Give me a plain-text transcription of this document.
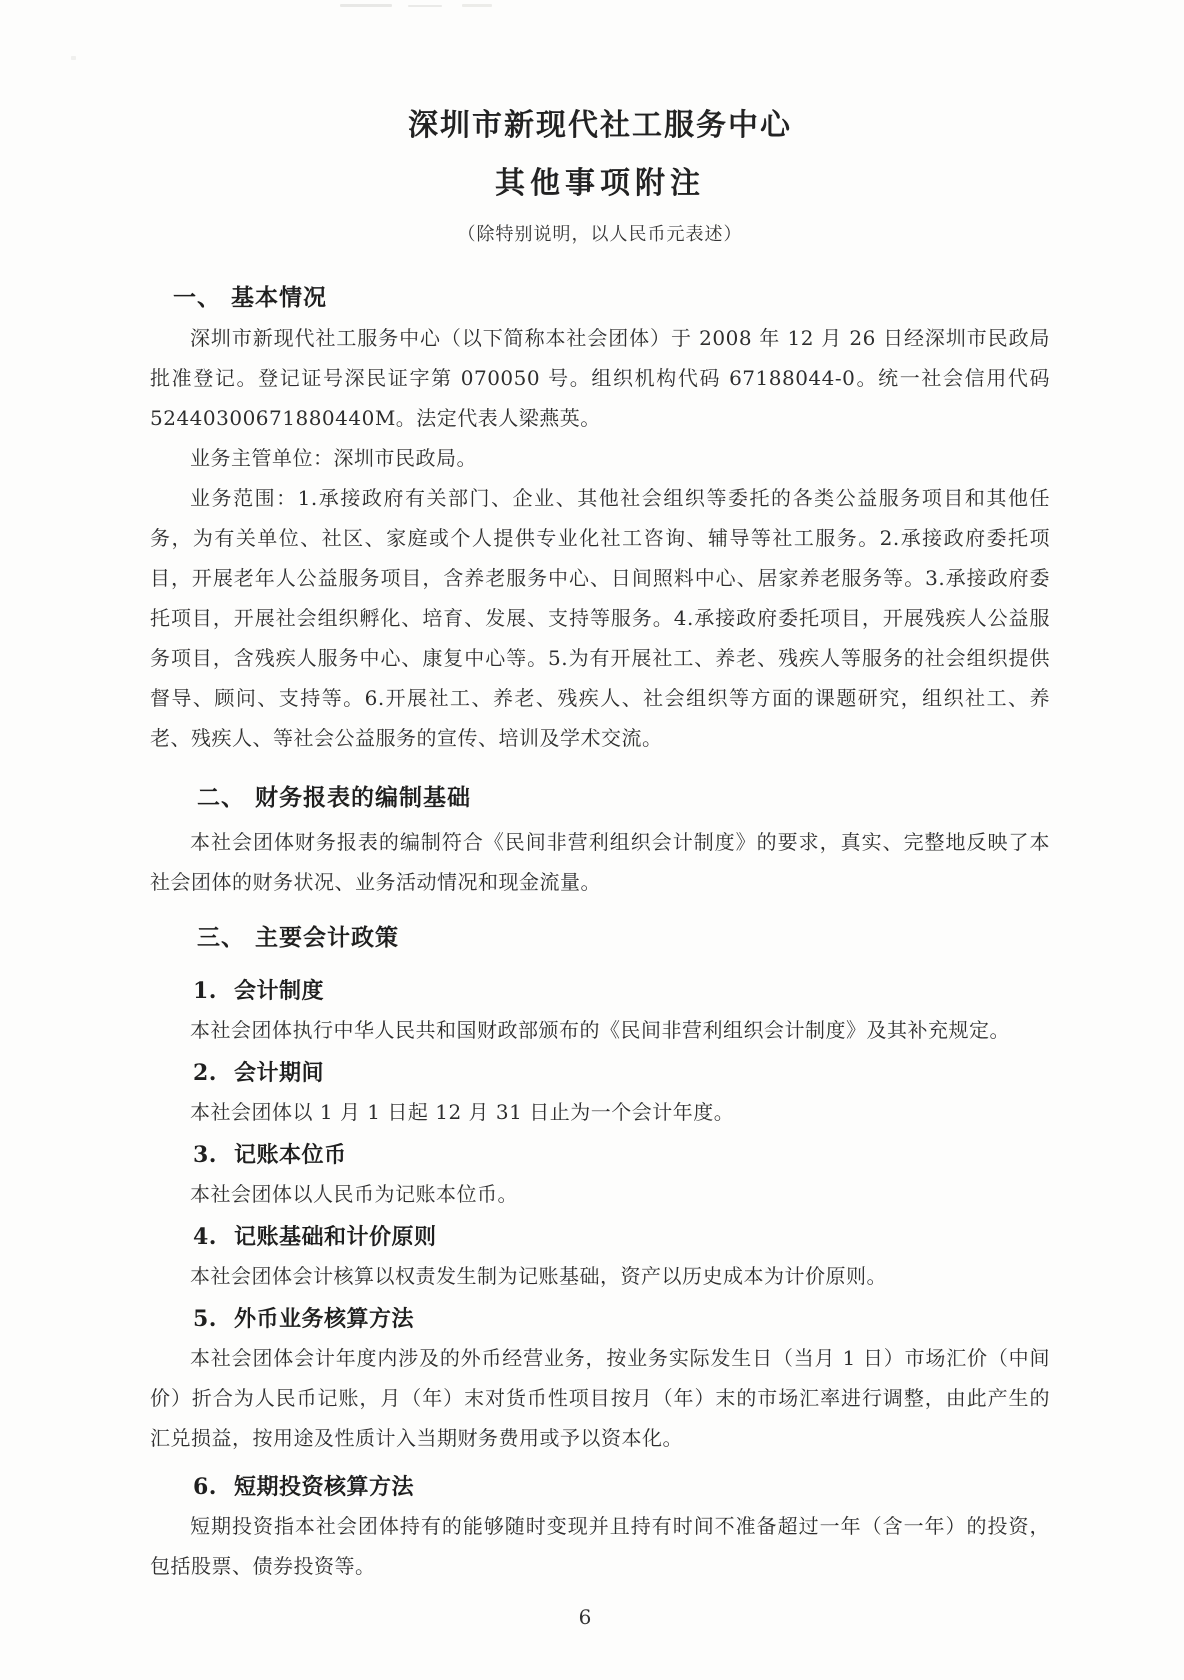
深圳市新现代社工服务中心
其他事项附注
（除特别说明，以人民币元表述）
一、 基本情况

深圳市新现代社工服务中心（以下简称本社会团体）于 2008 年 12 月 26 日经深圳市民政局批准登记。登记证号深民证字第 070050 号。组织机构代码 67188044-0。统一社会信用代码 52440300671880440M。法定代表人梁燕英。

业务主管单位：深圳市民政局。

业务范围：1.承接政府有关部门、企业、其他社会组织等委托的各类公益服务项目和其他任务，为有关单位、社区、家庭或个人提供专业化社工咨询、辅导等社工服务。2.承接政府委托项目，开展老年人公益服务项目，含养老服务中心、日间照料中心、居家养老服务等。3.承接政府委托项目，开展社会组织孵化、培育、发展、支持等服务。4.承接政府委托项目，开展残疾人公益服务项目，含残疾人服务中心、康复中心等。5.为有开展社工、养老、残疾人等服务的社会组织提供督导、顾问、支持等。6.开展社工、养老、残疾人、社会组织等方面的课题研究，组织社工、养老、残疾人、等社会公益服务的宣传、培训及学术交流。

二、 财务报表的编制基础

本社会团体财务报表的编制符合《民间非营利组织会计制度》的要求，真实、完整地反映了本社会团体的财务状况、业务活动情况和现金流量。

三、 主要会计政策
1. 会计制度

本社会团体执行中华人民共和国财政部颁布的《民间非营利组织会计制度》及其补充规定。

2. 会计期间

本社会团体以 1 月 1 日起 12 月 31 日止为一个会计年度。

3. 记账本位币

本社会团体以人民币为记账本位币。

4. 记账基础和计价原则

本社会团体会计核算以权责发生制为记账基础，资产以历史成本为计价原则。

5. 外币业务核算方法

本社会团体会计年度内涉及的外币经营业务，按业务实际发生日（当月 1 日）市场汇价（中间价）折合为人民币记账，月（年）末对货币性项目按月（年）末的市场汇率进行调整，由此产生的汇兑损益，按用途及性质计入当期财务费用或予以资本化。

6. 短期投资核算方法

短期投资指本社会团体持有的能够随时变现并且持有时间不准备超过一年（含一年）的投资，包括股票、债券投资等。

6
